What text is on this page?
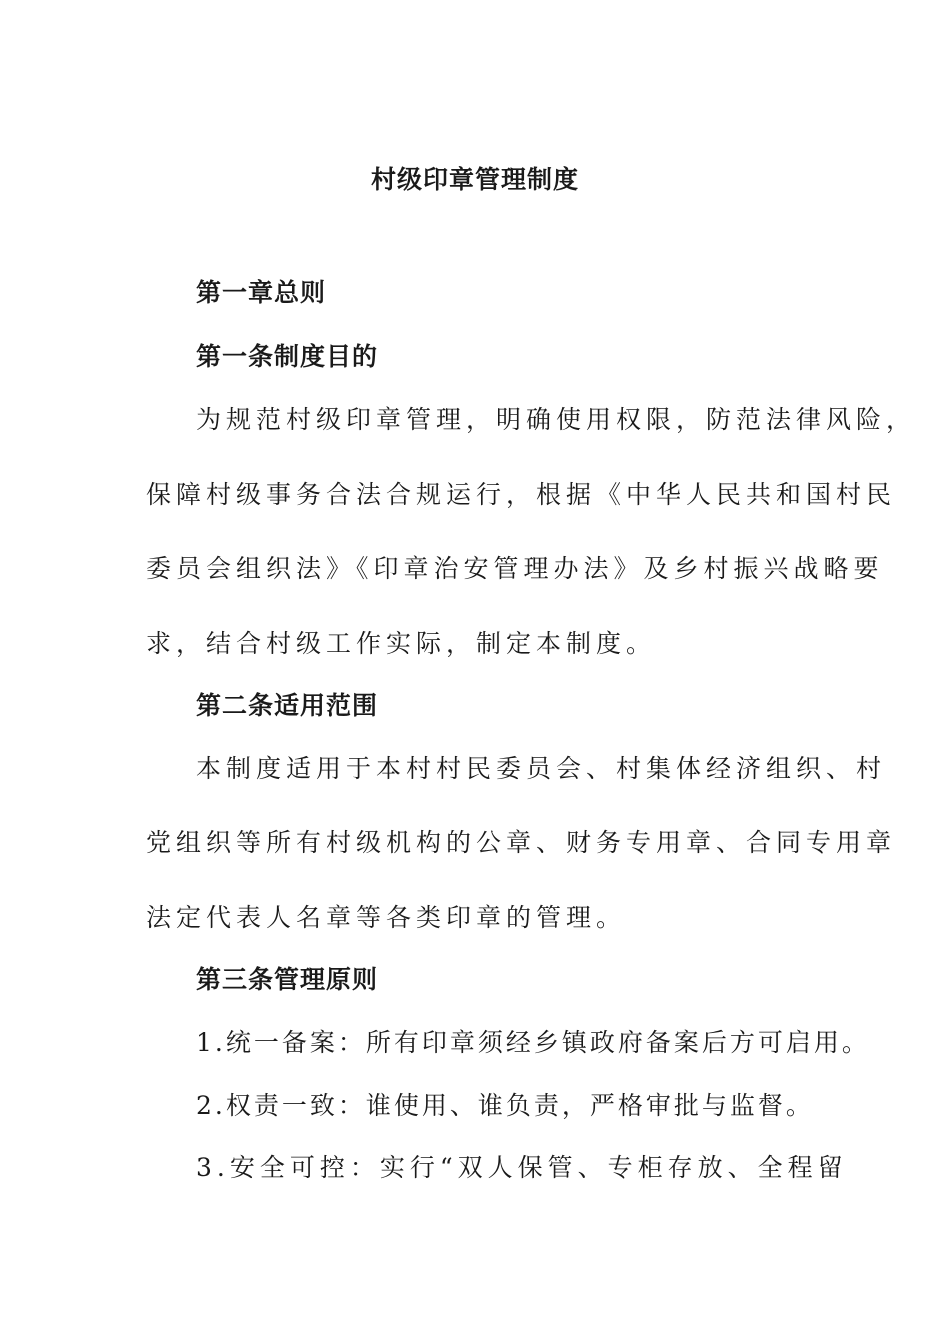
村级印章管理制度
第一章总则
第一条制度目的

为规范村级印章管理，明确使用权限，防范法律风险，

保障村级事务合法合规运行，根据《中华人民共和国村民

委员会组织法》《印章治安管理办法》及乡村振兴战略要

求，结合村级工作实际，制定本制度。

第二条适用范围

本制度适用于本村村民委员会、村集体经济组织、村

党组织等所有村级机构的公章、财务专用章、合同专用章

法定代表人名章等各类印章的管理。

第三条管理原则

1.统一备案：所有印章须经乡镇政府备案后方可启用。

2.权责一致：谁使用、谁负责，严格审批与监督。

3.安全可控：实行“双人保管、专柜存放、全程留
